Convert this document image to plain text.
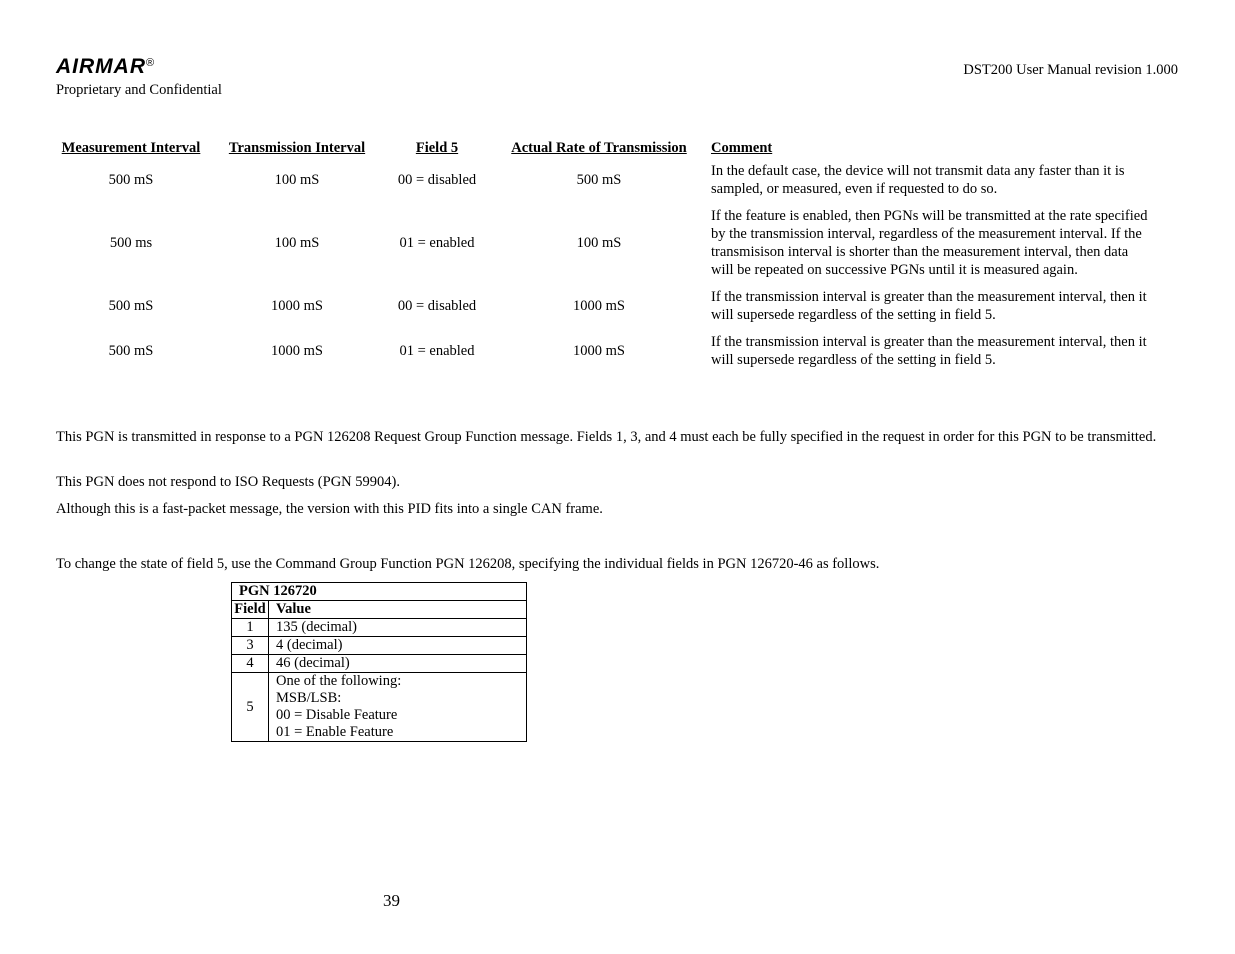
AIRMAR®
Proprietary and Confidential
DST200 User Manual revision 1.000
Measurement Interval	Transmission Interval	Field 5	Actual Rate of Transmission	Comment
500 mS	100 mS	00 = disabled	500 mS	In the default case, the device will not transmit data any faster than it is sampled, or measured, even if requested to do so.
500 ms	100 mS	01 = enabled	100 mS	If the feature is enabled, then PGNs will be transmitted at the rate specified by the transmission interval, regardless of the measurement interval. If the transmisison interval is shorter than the measurement interval, then data will be repeated on successive PGNs until it is measured again.
500 mS	1000 mS	00 = disabled	1000 mS	If the transmission interval is greater than the measurement interval, then it will supersede regardless of the setting in field 5.
500 mS	1000 mS	01 = enabled	1000 mS	If the transmission interval is greater than the measurement interval, then it will supersede regardless of the setting in field 5.
This PGN is transmitted in response to a PGN 126208 Request Group Function message. Fields 1, 3, and 4 must each be fully specified in the request in order for this PGN to be transmitted.
This PGN does not respond to ISO Requests (PGN 59904).
Although this is a fast-packet message, the version with this PID fits into a single CAN frame.
To change the state of field 5, use the Command Group Function PGN 126208, specifying the individual fields in PGN 126720-46 as follows.
PGN 126720	
Field	Value
1	135 (decimal)
3	4 (decimal)
4	46 (decimal)
5	One of the following:
MSB/LSB:
00 = Disable Feature
01 = Enable Feature
39
